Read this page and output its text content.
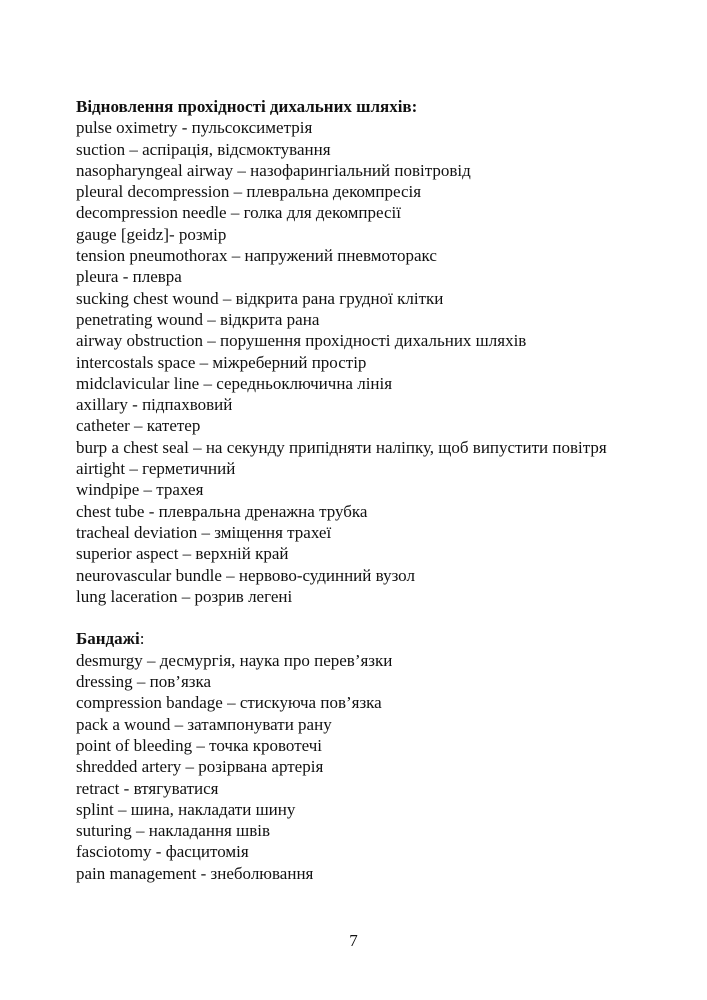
Відновлення прохідності дихальних шляхів:

pulse oximetry - пульсоксиметрія
suction – аспірація, відсмоктування
nasopharyngeal airway – назофарингіальний повітровід
pleural decompression – плевральна декомпресія
decompression needle – голка для декомпресії
gauge [geidz]- розмір
tension pneumothorax – напружений пневмоторакс
pleura - плевра
sucking chest wound – відкрита рана грудної клітки
penetrating wound – відкрита рана
airway obstruction – порушення прохідності дихальних шляхів
intercostals space – міжреберний простір
midclavicular line – середньоключична лінія
axillary - підпахвовий
catheter – катетер
burp a chest seal – на секунду припідняти наліпку, щоб випустити повітря
airtight – герметичний
windpipe – трахея
chest tube - плевральна дренажна трубка
tracheal deviation – зміщення трахеї
superior aspect – верхній край
neurovascular bundle – нервово-судинний вузол
lung laceration – розрив легені

Бандажі:

desmurgy – десмургія, наука про перев’язки
dressing – пов’язка
compression bandage – стискуюча пов’язка
pack a wound – затампонувати рану
point of bleeding – точка кровотечі
shredded artery – розірвана артерія
retract - втягуватися
splint – шина, накладати шину
suturing – накладання швів
fasciotomy - фасцитомія
pain management - знеболювання
7
